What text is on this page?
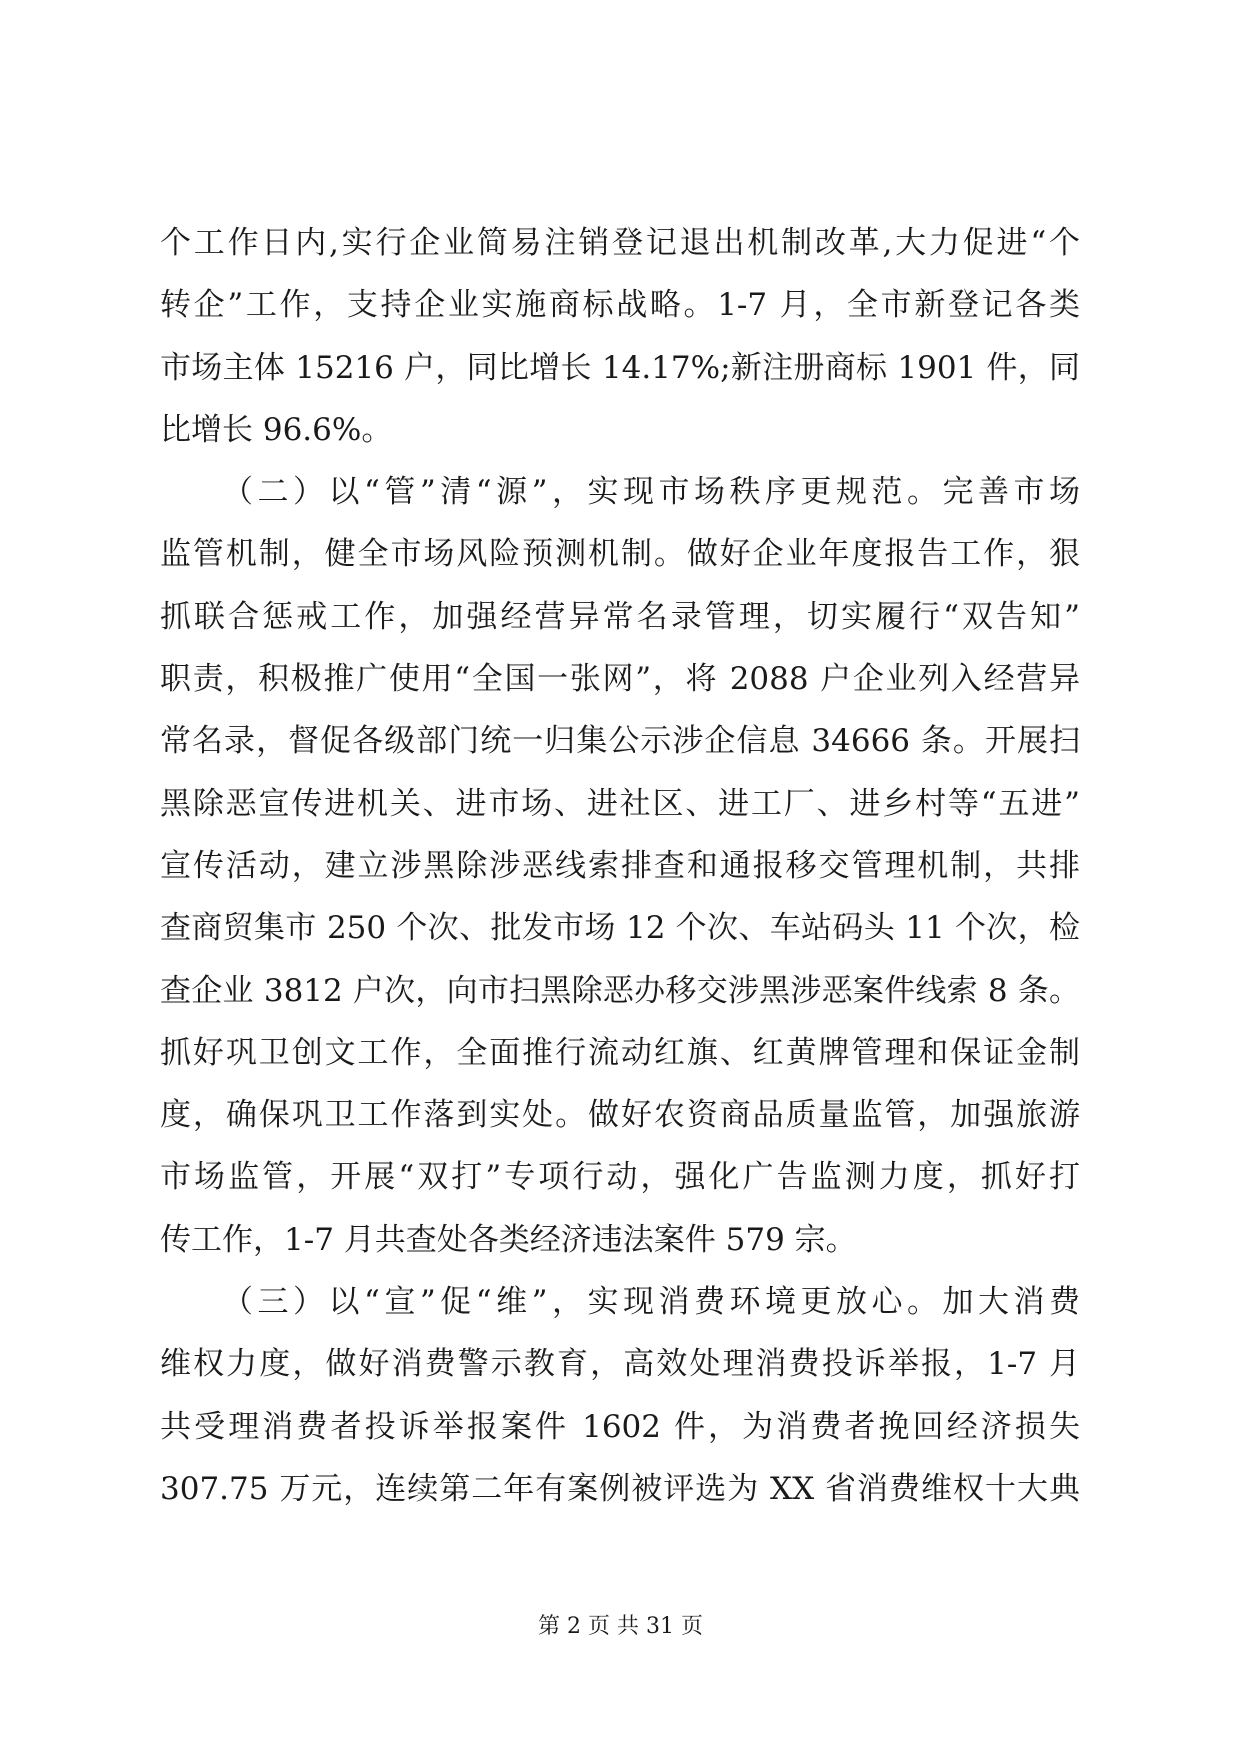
个工作日内,实行企业简易注销登记退出机制改革,大力促进“个
转企”工作，支持企业实施商标战略。1-7 月，全市新登记各类
市场主体 15216 户，同比增长 14.17%;新注册商标 1901 件，同
比增长 96.6%。
（二）以“管”清“源”，实现市场秩序更规范。完善市场
监管机制，健全市场风险预测机制。做好企业年度报告工作，狠
抓联合惩戒工作，加强经营异常名录管理，切实履行“双告知”
职责，积极推广使用“全国一张网”，将 2088 户企业列入经营异
常名录，督促各级部门统一归集公示涉企信息 34666 条。开展扫
黑除恶宣传进机关、进市场、进社区、进工厂、进乡村等“五进”
宣传活动，建立涉黑除涉恶线索排查和通报移交管理机制，共排
查商贸集市 250 个次、批发市场 12 个次、车站码头 11 个次，检
查企业 3812 户次，向市扫黑除恶办移交涉黑涉恶案件线索 8 条。
抓好巩卫创文工作，全面推行流动红旗、红黄牌管理和保证金制
度，确保巩卫工作落到实处。做好农资商品质量监管，加强旅游
市场监管，开展“双打”专项行动，强化广告监测力度，抓好打
传工作，1-7 月共查处各类经济违法案件 579 宗。
（三）以“宣”促“维”，实现消费环境更放心。加大消费
维权力度，做好消费警示教育，高效处理消费投诉举报，1-7 月
共受理消费者投诉举报案件 1602 件，为消费者挽回经济损失
307.75 万元，连续第二年有案例被评选为 XX 省消费维权十大典
第 2 页 共 31 页
